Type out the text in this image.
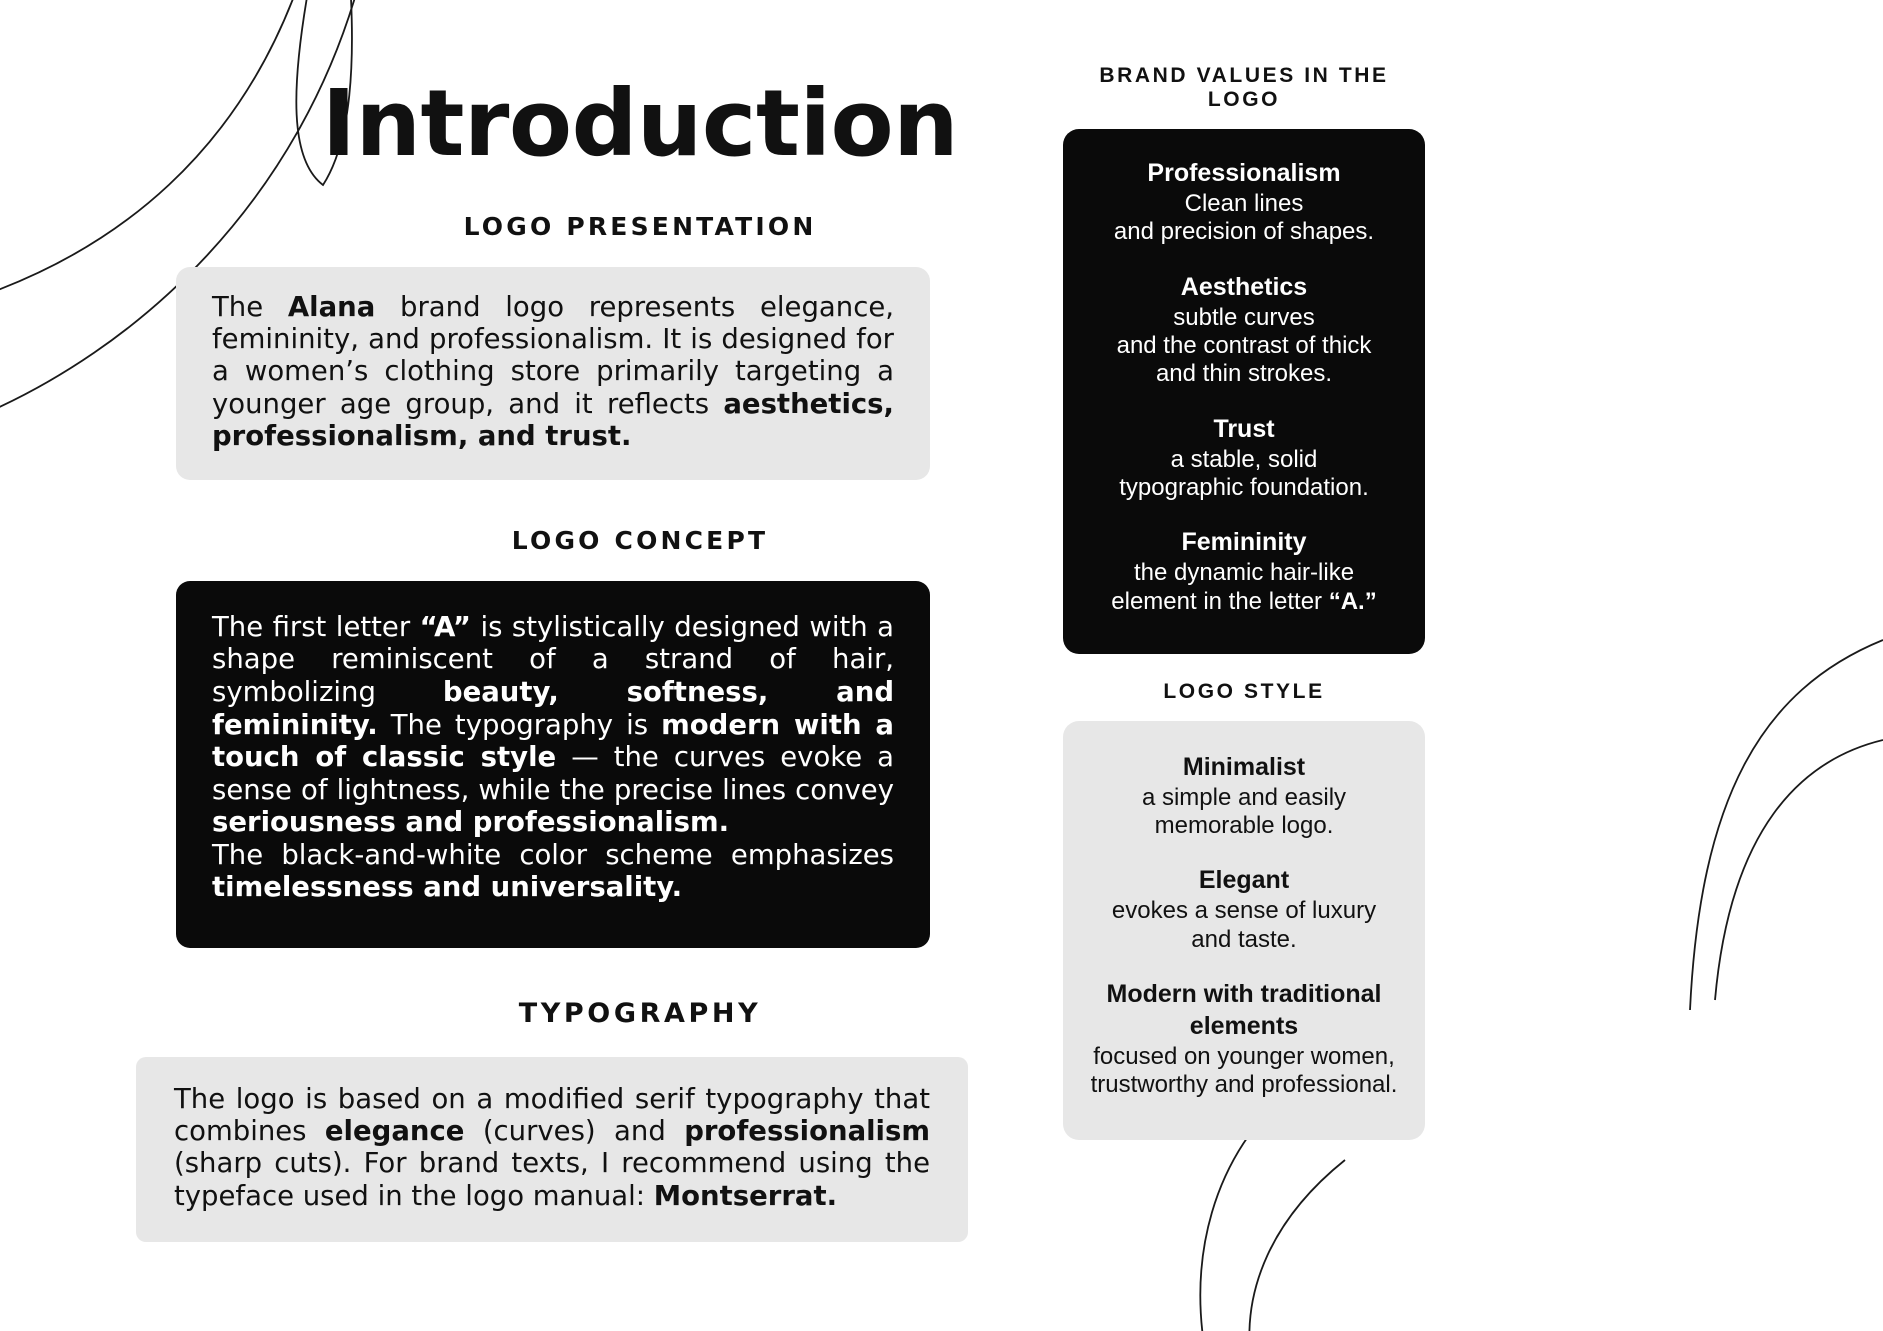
Introduction
LOGO PRESENTATION

The Alana brand logo represents elegance, femininity, and professionalism. It is designed for a women’s clothing store primarily targeting a younger age group, and it reflects aesthetics, professionalism, and trust.

LOGO CONCEPT

The first letter “A” is stylistically designed with a shape reminiscent of a strand of hair, symbolizing beauty, softness, and femininity. The typography is modern with a touch of classic style — the curves evoke a sense of lightness, while the precise lines convey seriousness and professionalism.
The black-and-white color scheme emphasizes timelessness and universality.

TYPOGRAPHY

The logo is based on a modified serif typography that combines elegance (curves) and professionalism (sharp cuts). For brand texts, I recommend using the typeface used in the logo manual: Montserrat.

BRAND VALUES IN THE LOGO

Professionalism

Clean lines
and precision of shapes.

Aesthetics

subtle curves
and the contrast of thick
and thin strokes.

Trust

a stable, solid
typographic foundation.

Femininity

the dynamic hair-like
element in the letter “A.”

LOGO STYLE

Minimalist

a simple and easily
memorable logo.

Elegant

evokes a sense of luxury
and taste.

Modern with traditional
elements

focused on younger women,
trustworthy and professional.
